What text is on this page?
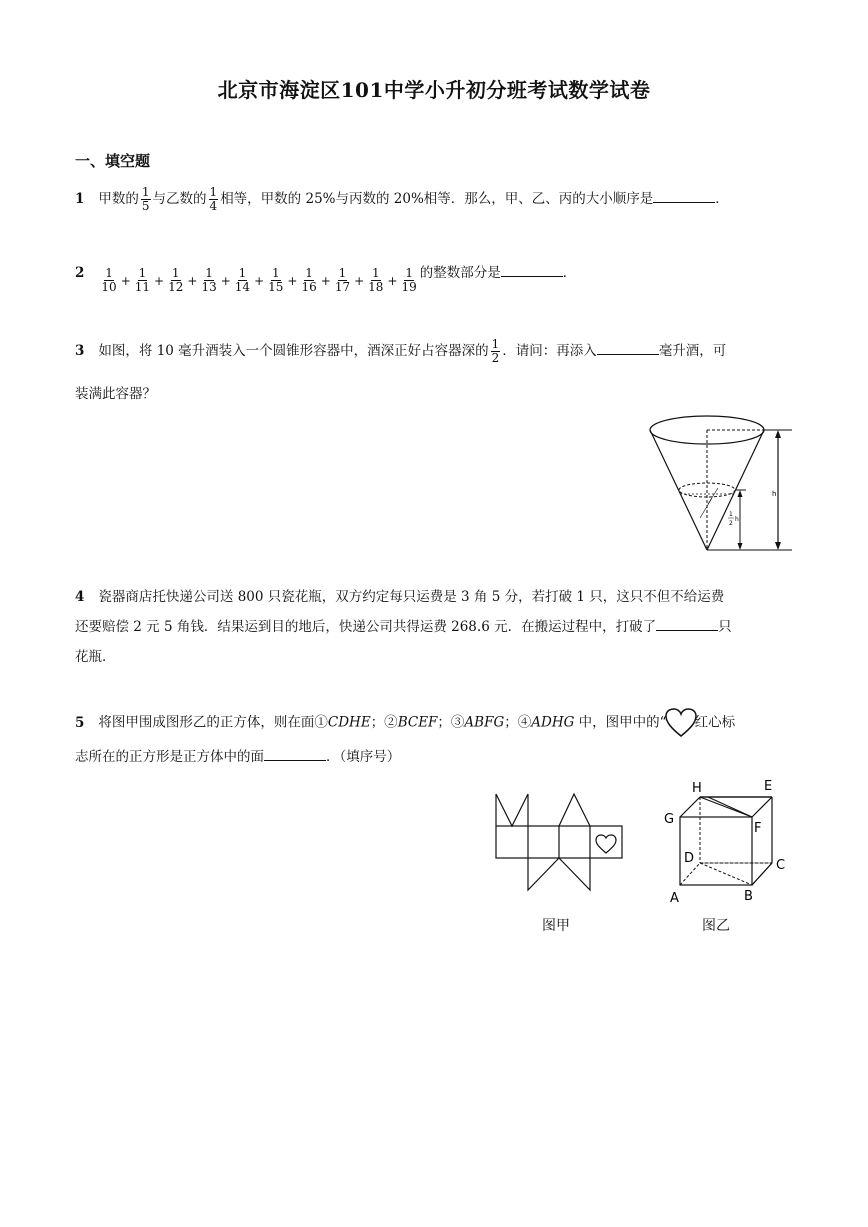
北京市海淀区101中学小升初分班考试数学试卷
一、填空题
1 甲数的 $\frac{1}{5}$ 与乙数的 $\frac{1}{4}$ 相等，甲数的 25%与丙数的 20%相等．那么，甲、乙、丙的大小顺序是	．
$2 \frac{1}{10} + \frac{1}{11} + \frac{1}{12} + \frac{1}{13} + \frac{1}{14} + \frac{1}{15} + \frac{1}{16} + \frac{1}{17} + \frac{1}{18} + \frac{1}{19}$ 的整数部分是	．
3 如图，将 10 毫升酒装入一个圆锥形容器中，酒深正好占容器深的 $\frac{1}{2}$ ．请问：再添入	毫升酒，可
装满此容器？
h
1
2
h
4 瓷器商店托快递公司送 800 只瓷花瓶，双方约定每只运费是 3 角 5 分，若打破 1 只，这只不但不给运费
还要赔偿 2 元 5 角钱．结果运到目的地后，快递公司共得运费 268.6 元．在搬运过程中，打破了	只
花瓶．
5 将图甲围成图形乙的正方体，则在面①CDHE；②BCEF；③ABFG；④ADHG 中，图甲中的“ 红心标
志所在的正方形是正方体中的面	．（填序号）
图甲
H	E
G
F
D	C
A	B
图乙
